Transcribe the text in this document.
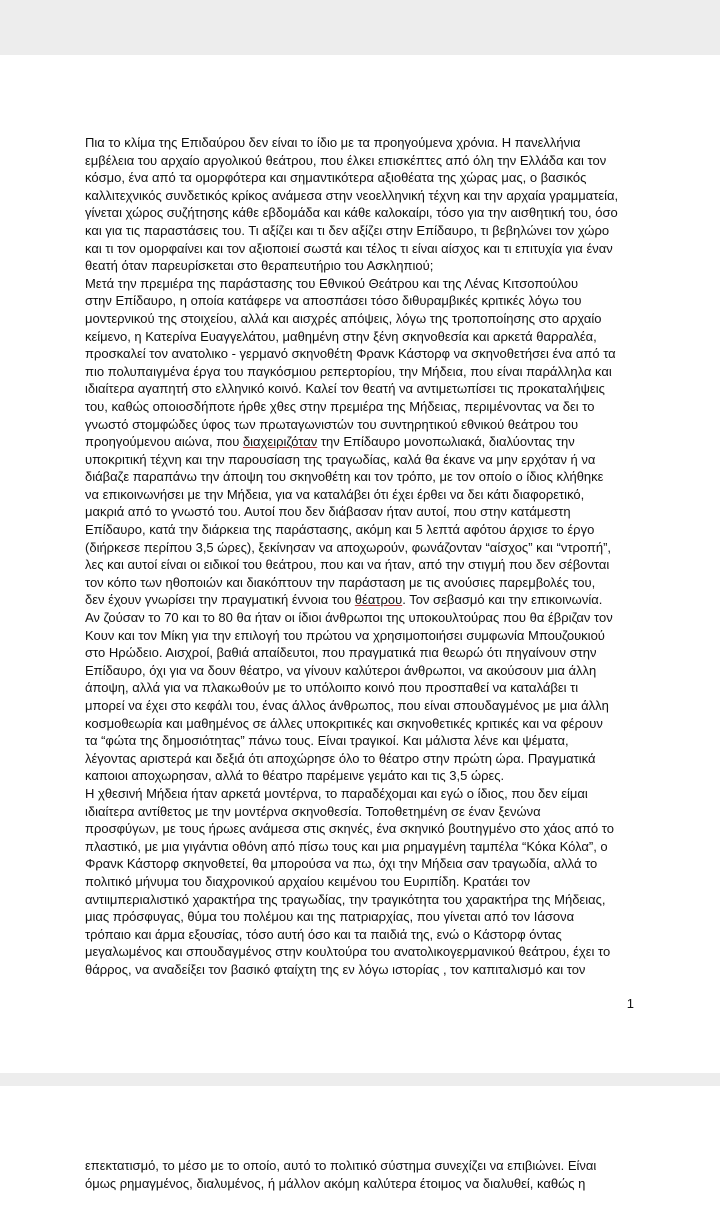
Πια το κλίμα της Επιδαύρου δεν είναι το ίδιο με τα προηγούμενα χρόνια. Η πανελλήνια
εμβέλεια του αρχαίο αργολικού θεάτρου, που έλκει επισκέπτες από όλη την Ελλάδα και τον
κόσμο, ένα από τα ομορφότερα και σημαντικότερα αξιοθέατα της χώρας μας, ο βασικός
καλλιτεχνικός συνδετικός κρίκος ανάμεσα στην νεοελληνική τέχνη και την αρχαία γραμματεία,
γίνεται χώρος συζήτησης κάθε εβδομάδα και κάθε καλοκαίρι, τόσο για την αισθητική του, όσο
και για τις παραστάσεις του. Τι αξίζει και τι δεν αξίζει στην Επίδαυρο, τι βεβηλώνει τον χώρο
και τι τον ομορφαίνει και τον αξιοποιεί σωστά και τέλος τι είναι αίσχος και τι επιτυχία για έναν
θεατή όταν παρευρίσκεται στο θεραπευτήριο του Ασκληπιού;
Μετά την πρεμιέρα της παράστασης του Εθνικού Θεάτρου και της Λένας Κιτσοπούλου
στην Επίδαυρο, η οποία κατάφερε να αποσπάσει τόσο διθυραμβικές κριτικές λόγω του
μοντερνικού της στοιχείου, αλλά και αισχρές απόψεις, λόγω της τροποποίησης στο αρχαίο
κείμενο, η Κατερίνα Ευαγγελάτου, μαθημένη στην ξένη σκηνοθεσία και αρκετά θαρραλέα,
προσκαλεί τον ανατολικο - γερμανό σκηνοθέτη Φρανκ Κάστορφ να σκηνοθετήσει ένα από τα
πιο πολυπαιγμένα έργα του παγκόσμιου ρεπερτορίου, την Μήδεια, που είναι παράλληλα και
ιδιαίτερα αγαπητή στο ελληνικό κοινό. Καλεί τον θεατή να αντιμετωπίσει τις προκαταλήψεις
του, καθώς οποιοσδήποτε ήρθε χθες στην πρεμιέρα της Μήδειας, περιμένοντας να δει το
γνωστό στομφώδες ύφος των πρωταγωνιστών του συντηρητικού εθνικού θεάτρου του
προηγούμενου αιώνα, που διαχειριζόταν την Επίδαυρο μονοπωλιακά, διαλύοντας την
υποκριτική τέχνη και την παρουσίαση της τραγωδίας, καλά θα έκανε να μην ερχόταν ή να
διάβαζε παραπάνω την άποψη του σκηνοθέτη και τον τρόπο, με τον οποίο ο ίδιος κλήθηκε
να επικοινωνήσει με την Μήδεια, για να καταλάβει ότι έχει έρθει να δει κάτι διαφορετικό,
μακριά από το γνωστό του. Αυτοί που δεν διάβασαν ήταν αυτοί, που στην κατάμεστη
Επίδαυρο, κατά την διάρκεια της παράστασης, ακόμη και 5 λεπτά αφότου άρχισε το έργο
(διήρκεσε περίπου 3,5 ώρες), ξεκίνησαν να αποχωρούν, φωνάζονταν “αίσχος” και “ντροπή”,
λες και αυτοί είναι οι ειδικοί του θεάτρου, που και να ήταν, από την στιγμή που δεν σέβονται
τον κόπο των ηθοποιών και διακόπτουν την παράσταση με τις ανούσιες παρεμβολές του,
δεν έχουν γνωρίσει την πραγματική έννοια του θέατρου. Τον σεβασμό και την επικοινωνία.
Αν ζούσαν το 70 και το 80 θα ήταν οι ίδιοι άνθρωποι της υποκουλτούρας που θα έβριζαν τον
Κουν και τον Μίκη για την επιλογή του πρώτου να χρησιμοποιήσει συμφωνία Μπουζουκιού
στο Ηρώδειο. Αισχροί, βαθιά απαίδευτοι, που πραγματικά πια θεωρώ ότι πηγαίνουν στην
Επίδαυρο, όχι για να δουν θέατρο, να γίνουν καλύτεροι άνθρωποι, να ακούσουν μια άλλη
άποψη, αλλά για να πλακωθούν με το υπόλοιπο κοινό που προσπαθεί να καταλάβει τι
μπορεί να έχει στο κεφάλι του, ένας άλλος άνθρωπος, που είναι σπουδαγμένος με μια άλλη
κοσμοθεωρία και μαθημένος σε άλλες υποκριτικές και σκηνοθετικές κριτικές και να φέρουν
τα “φώτα της δημοσιότητας” πάνω τους. Είναι τραγικοί. Και μάλιστα λένε και ψέματα,
λέγοντας αριστερά και δεξιά ότι αποχώρησε όλο το θέατρο στην πρώτη ώρα. Πραγματικά
καποιοι αποχωρησαν, αλλά το θέατρο παρέμεινε γεμάτο και τις 3,5 ώρες.
Η χθεσινή Μήδεια ήταν αρκετά μοντέρνα, το παραδέχομαι και εγώ ο ίδιος, που δεν είμαι
ιδιαίτερα αντίθετος με την μοντέρνα σκηνοθεσία. Τοποθετημένη σε έναν ξενώνα
προσφύγων, με τους ήρωες ανάμεσα στις σκηνές, ένα σκηνικό βουτηγμένο στο χάος από το
πλαστικό, με μια γιγάντια οθόνη από πίσω τους και μια ρημαγμένη ταμπέλα “Κόκα Κόλα”, ο
Φρανκ Κάστορφ σκηνοθετεί, θα μπορούσα να πω, όχι την Μήδεια σαν τραγωδία, αλλά το
πολιτικό μήνυμα του διαχρονικού αρχαίου κειμένου του Ευριπίδη. Κρατάει τον
αντιιμπεριαλιστικό χαρακτήρα της τραγωδίας, την τραγικότητα του χαρακτήρα της Μήδειας,
μιας πρόσφυγας, θύμα του πολέμου και της πατριαρχίας, που γίνεται από τον Ιάσονα
τρόπαιο και άρμα εξουσίας, τόσο αυτή όσο και τα παιδιά της, ενώ ο Κάστορφ όντας
μεγαλωμένος και σπουδαγμένος στην κουλτούρα του ανατολικογερμανικού θεάτρου, έχει το
θάρρος, να αναδείξει τον βασικό φταίχτη της εν λόγω ιστορίας , τον καπιταλισμό και τον
1
επεκτατισμό, το μέσο με το οποίο, αυτό το πολιτικό σύστημα συνεχίζει να επιβιώνει. Είναι
όμως ρημαγμένος, διαλυμένος, ή μάλλον ακόμη καλύτερα έτοιμος να διαλυθεί, καθώς η
